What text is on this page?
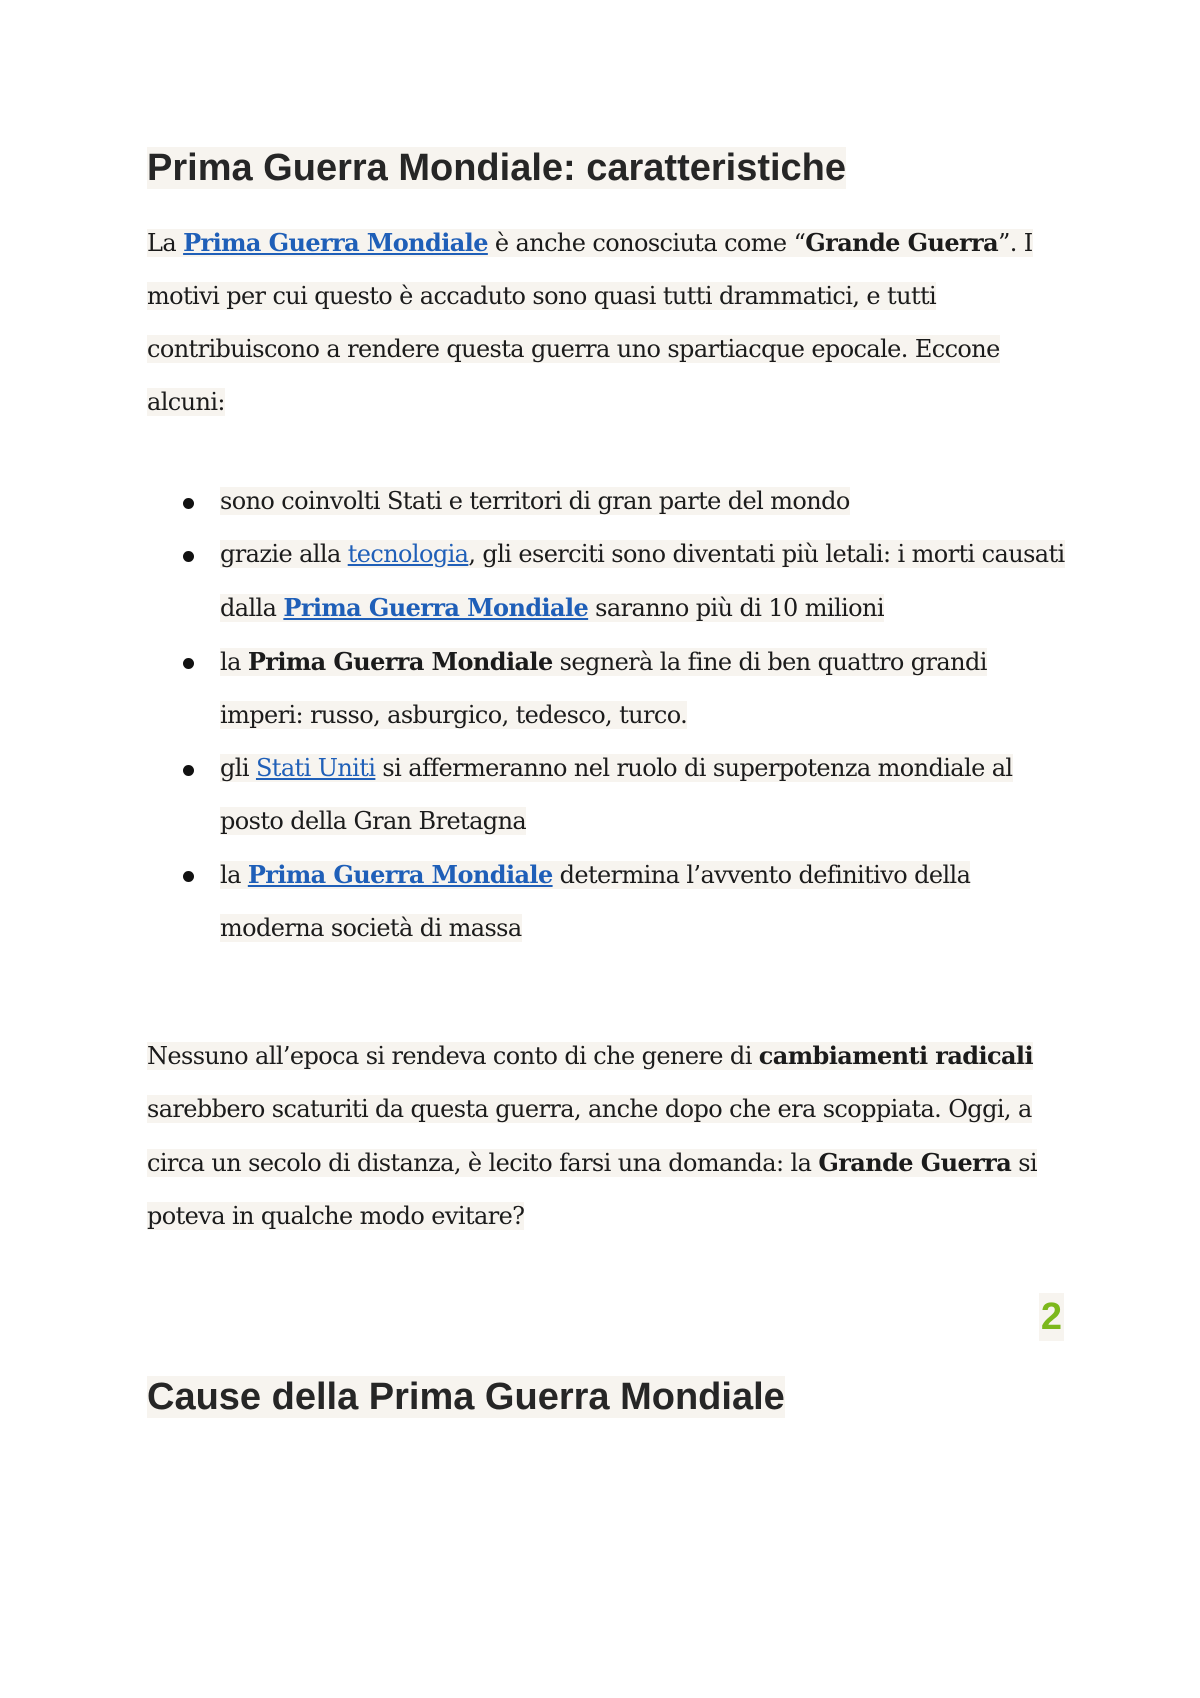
Prima Guerra Mondiale: caratteristiche

La Prima Guerra Mondiale è anche conosciuta come “Grande Guerra”. I motivi per cui questo è accaduto sono quasi tutti drammatici, e tutti contribuiscono a rendere questa guerra uno spartiacque epocale. Eccone alcuni:

sono coinvolti Stati e territori di gran parte del mondo
grazie alla tecnologia, gli eserciti sono diventati più letali: i morti causati dalla Prima Guerra Mondiale saranno più di 10 milioni
la Prima Guerra Mondiale segnerà la fine di ben quattro grandi imperi: russo, asburgico, tedesco, turco.
gli Stati Uniti si affermeranno nel ruolo di superpotenza mondiale al posto della Gran Bretagna
la Prima Guerra Mondiale determina l’avvento definitivo della moderna società di massa

Nessuno all’epoca si rendeva conto di che genere di cambiamenti radicali sarebbero scaturiti da questa guerra, anche dopo che era scoppiata. Oggi, a circa un secolo di distanza, è lecito farsi una domanda: la Grande Guerra si poteva in qualche modo evitare?

Cause della Prima Guerra Mondiale
2
